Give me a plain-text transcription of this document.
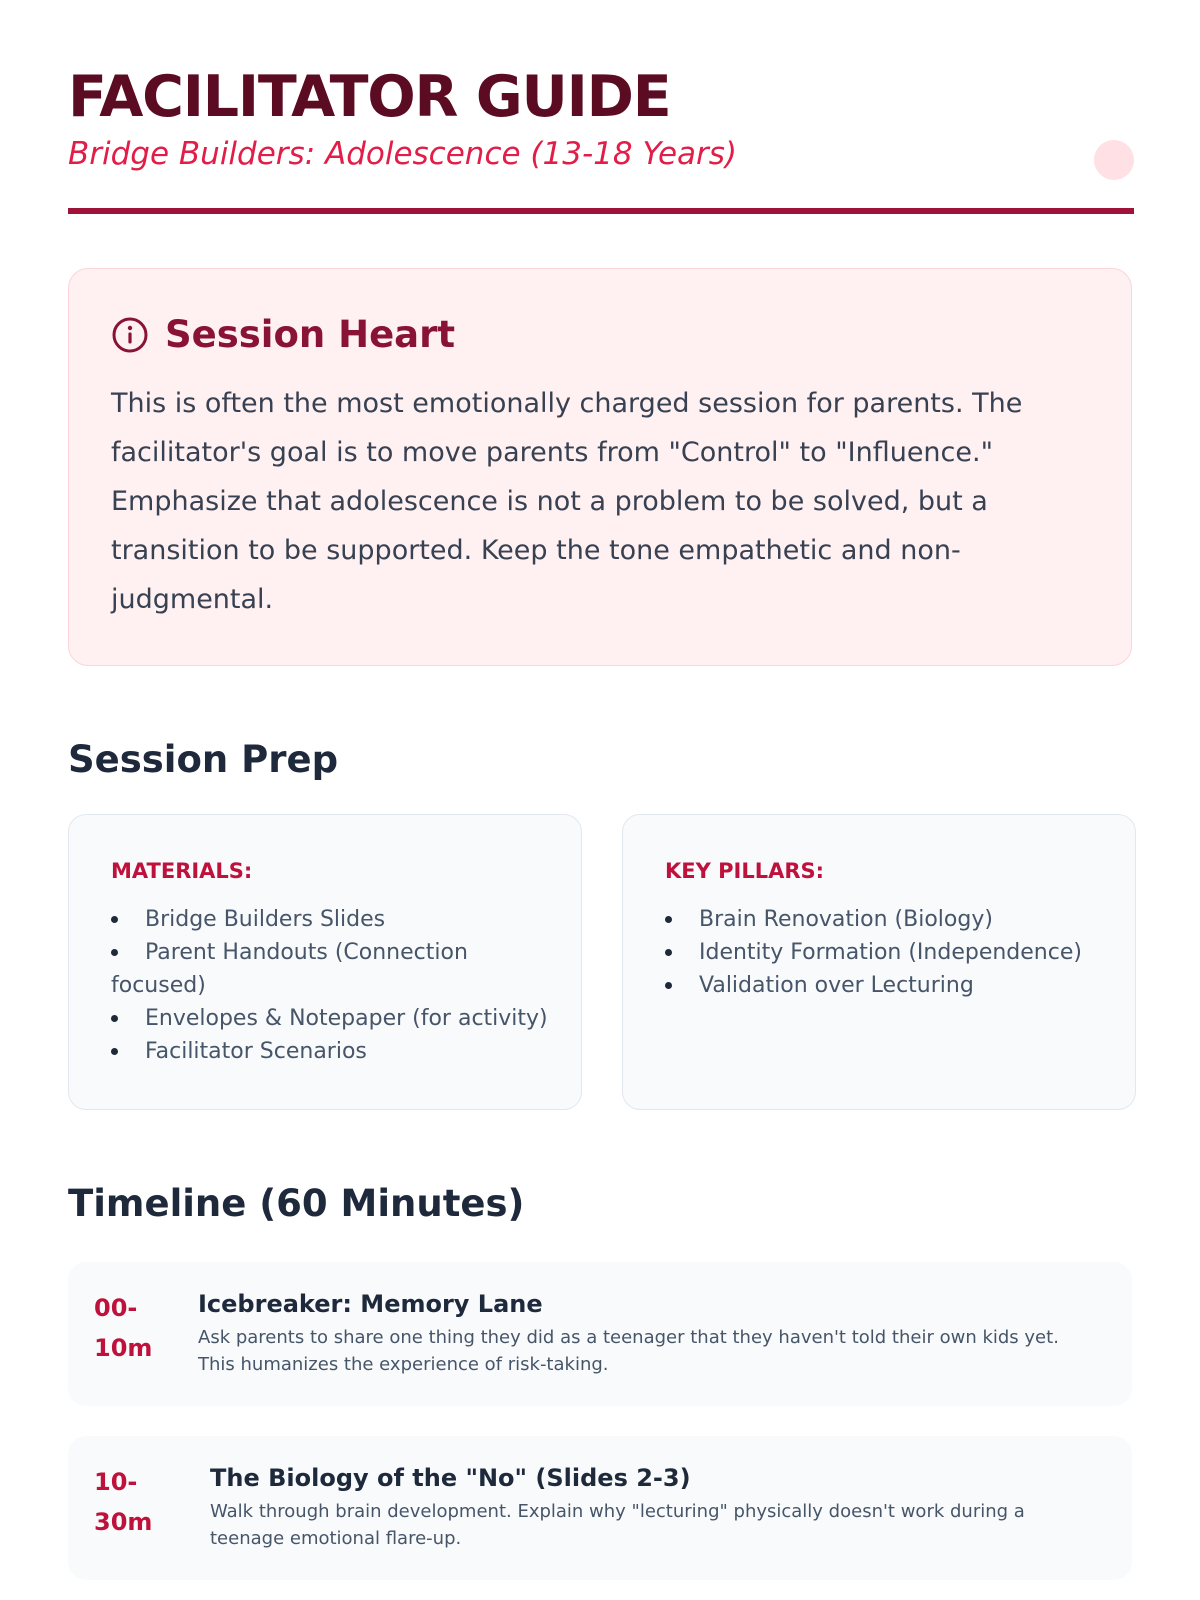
FACILITATOR GUIDE
Bridge Builders: Adolescence (13-18 Years)
Session Heart

This is often the most emotionally charged session for parents. The facilitator's goal is to move parents from "Control" to "Influence." Emphasize that adolescence is not a problem to be solved, but a transition to be supported. Keep the tone empathetic and non-judgmental.

Session Prep
MATERIALS:
Bridge Builders Slides
Parent Handouts (Connection focused)
Envelopes & Notepaper (for activity)
Facilitator Scenarios
KEY PILLARS:
Brain Renovation (Biology)
Identity Formation (Independence)
Validation over Lecturing
Timeline (60 Minutes)
00-10m
Icebreaker: Memory Lane
Ask parents to share one thing they did as a teenager that they haven't told their own kids yet. This humanizes the experience of risk-taking.
10-30m
The Biology of the "No" (Slides 2-3)
Walk through brain development. Explain why "lecturing" physically doesn't work during a teenage emotional flare-up.
